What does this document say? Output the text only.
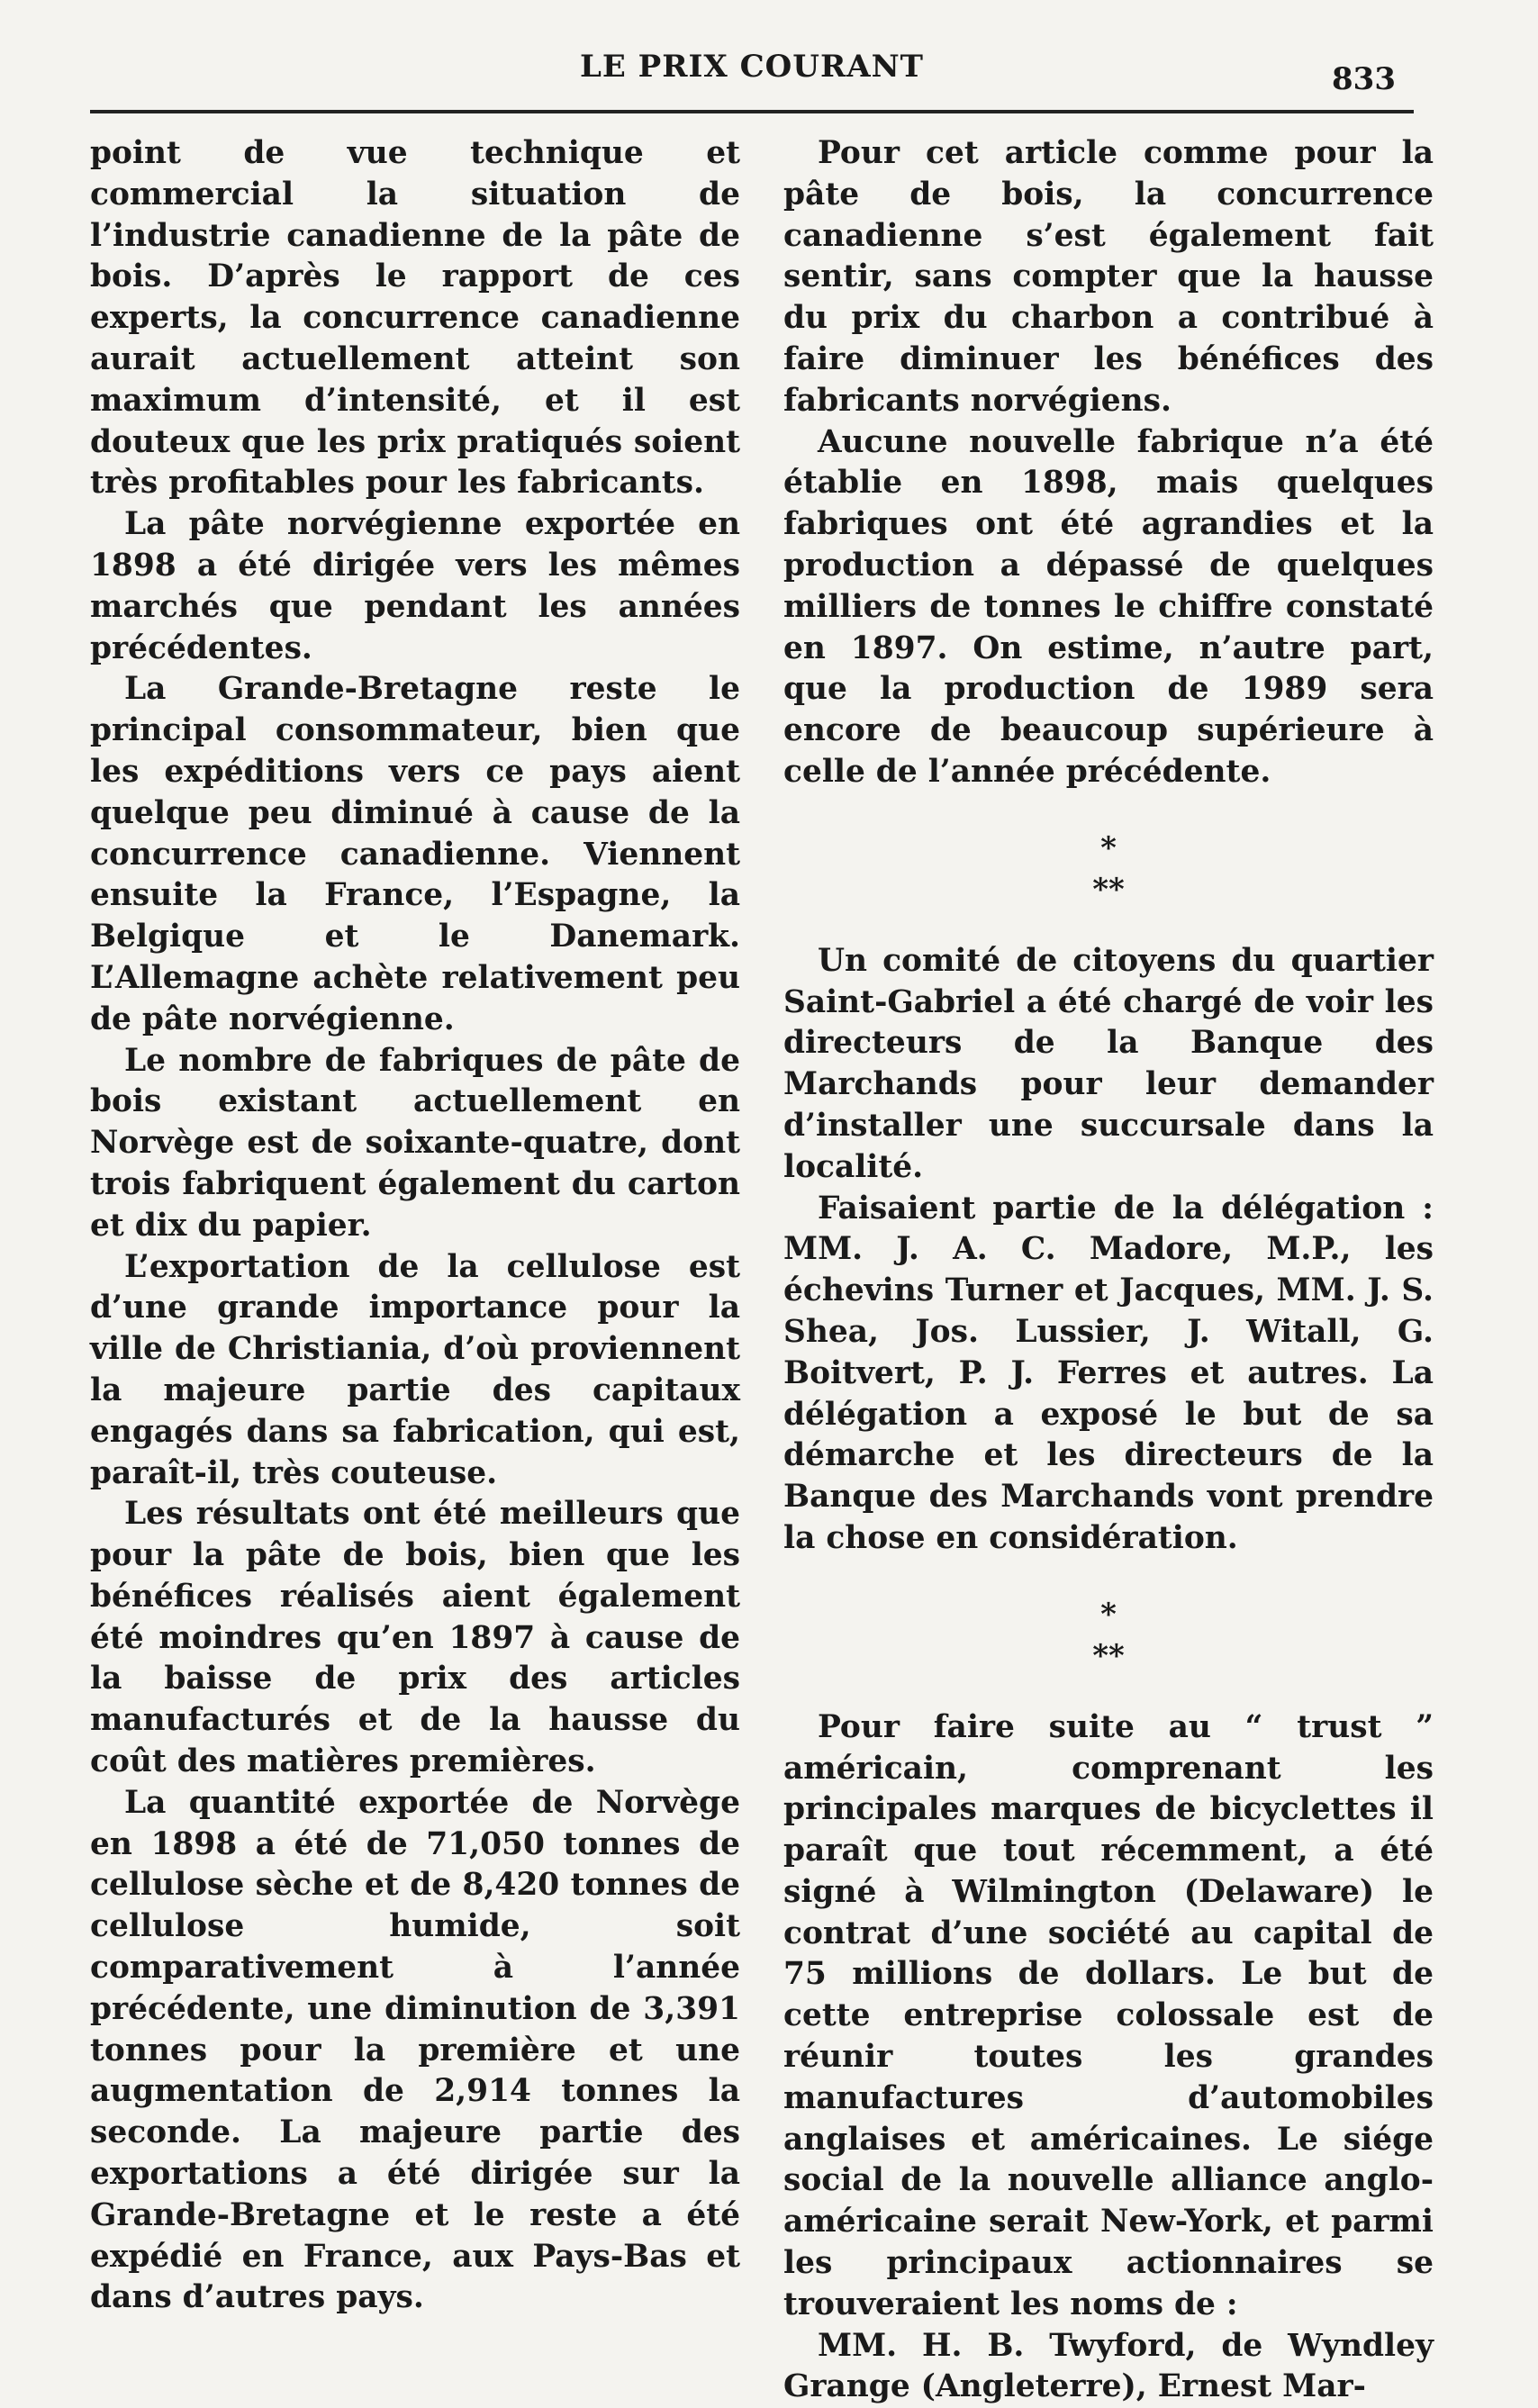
LE PRIX COURANT	833

point de vue technique et commercial la situation de l’industrie canadienne de la pâte de bois. D’après le rapport de ces experts, la concurrence canadienne aurait actuellement atteint son maximum d’intensité, et il est douteux que les prix pratiqués soient très profitables pour les fabricants.

La pâte norvégienne exportée en 1898 a été dirigée vers les mêmes marchés que pendant les années précédentes.

La Grande-Bretagne reste le principal consommateur, bien que les expéditions vers ce pays aient quelque peu diminué à cause de la concurrence canadienne. Viennent ensuite la France, l’Espagne, la Belgique et le Danemark. L’Allemagne achète relativement peu de pâte norvégienne.

Le nombre de fabriques de pâte de bois existant actuellement en Norvège est de soixante-quatre, dont trois fabriquent également du carton et dix du papier.

L’exportation de la cellulose est d’une grande importance pour la ville de Christiania, d’où proviennent la majeure partie des capitaux engagés dans sa fabrication, qui est, paraît-il, très couteuse.

Les résultats ont été meilleurs que pour la pâte de bois, bien que les bénéfices réalisés aient également été moindres qu’en 1897 à cause de la baisse de prix des articles manufacturés et de la hausse du coût des matières premières.

La quantité exportée de Norvège en 1898 a été de 71,050 tonnes de cellulose sèche et de 8,420 tonnes de cellulose humide, soit comparativement à l’année précédente, une diminution de 3,391 tonnes pour la première et une augmentation de 2,914 tonnes la seconde. La majeure partie des exportations a été dirigée sur la Grande-Bretagne et le reste a été expédié en France, aux Pays-Bas et dans d’autres pays.

Pour cet article comme pour la pâte de bois, la concurrence canadienne s’est également fait sentir, sans compter que la hausse du prix du charbon a contribué à faire diminuer les bénéfices des fabricants norvégiens.

Aucune nouvelle fabrique n’a été établie en 1898, mais quelques fabriques ont été agrandies et la production a dépassé de quelques milliers de tonnes le chiffre constaté en 1897. On estime, n’autre part, que la production de 1989 sera encore de beaucoup supérieure à celle de l’année précédente.

*
**

Un comité de citoyens du quartier Saint-Gabriel a été chargé de voir les directeurs de la Banque des Marchands pour leur demander d’installer une succursale dans la localité.

Faisaient partie de la délégation : MM. J. A. C. Madore, M.P., les échevins Turner et Jacques, MM. J. S. Shea, Jos. Lussier, J. Witall, G. Boitvert, P. J. Ferres et autres. La délégation a exposé le but de sa démarche et les directeurs de la Banque des Marchands vont prendre la chose en considération.

*
**

Pour faire suite au “ trust ” américain, comprenant les principales marques de bicyclettes il paraît que tout récemment, a été signé à Wilmington (Delaware) le contrat d’une société au capital de 75 millions de dollars. Le but de cette entreprise colossale est de réunir toutes les grandes manufactures d’automobiles anglaises et américaines. Le siége social de la nouvelle alliance anglo-américaine serait New-York, et parmi les principaux actionnaires se trouveraient les noms de :

MM. H. B. Twyford, de Wyndley Grange (Angleterre), Ernest Mar-
